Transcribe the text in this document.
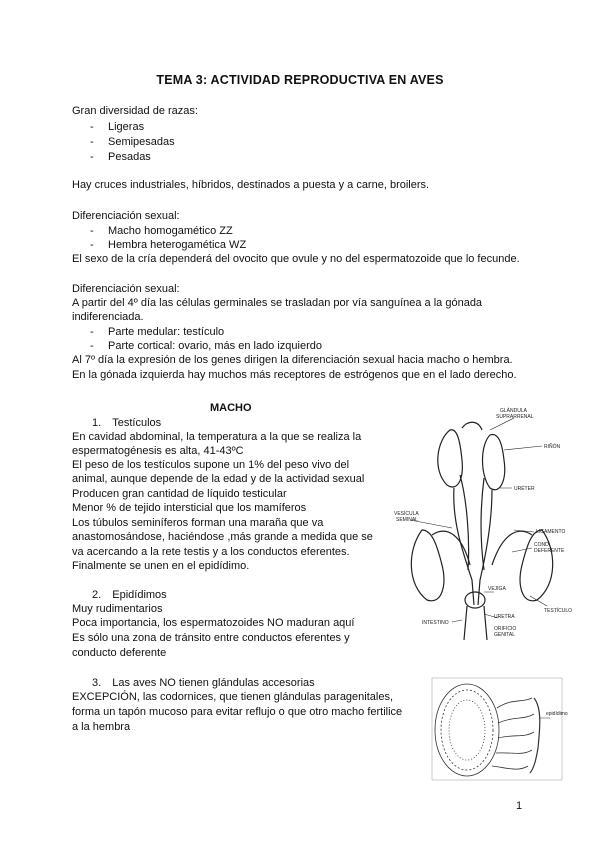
TEMA 3: ACTIVIDAD REPRODUCTIVA EN AVES
Gran diversidad de razas:
- Ligeras
- Semipesadas
- Pesadas
Hay cruces industriales, híbridos, destinados a puesta y a carne, broilers.
Diferenciación sexual:
- Macho homogamético ZZ
- Hembra heterogamética WZ
El sexo de la cría dependerá del ovocito que ovule y no del espermatozoide que lo fecunde.
Diferenciación sexual:
A partir del 4º día las células germinales se trasladan por vía sanguínea a la gónada
indiferenciada.
- Parte medular: testículo
- Parte cortical: ovario, más en lado izquierdo
Al 7º día la expresión de los genes dirigen la diferenciación sexual hacia macho o hembra.
En la gónada izquierda hay muchos más receptores de estrógenos que en el lado derecho.
MACHO
1. Testículos
En cavidad abdominal, la temperatura a la que se realiza la
espermatogénesis es alta, 41-43ºC
El peso de los testículos supone un 1% del peso vivo del
animal, aunque depende de la edad y de la actividad sexual
Producen gran cantidad de líquido testicular
Menor % de tejido intersticial que los mamíferos
Los túbulos seminíferos forman una maraña que va
anastomosándose, haciéndose ,más grande a medida que se
va acercando a la rete testis y a los conductos eferentes.
Finalmente se unen en el epidídimo.
2. Epidídimos
Muy rudimentarios
Poca importancia, los espermatozoides NO maduran aquí
Es sólo una zona de tránsito entre conductos eferentes y
conducto deferente
3. Las aves NO tienen glándulas accesorias
EXCEPCIÓN, las codornices, que tienen glándulas paragenitales,
forma un tapón mucoso para evitar reflujo o que otro macho fertilice
a la hembra
GLÁNDULA
SUPRARRENAL
RIÑÓN
URÉTER
VESÍCULA
SEMINAL
LIGAMENTO
COND.
DEFERENTE
VEJIGA
TESTÍCULO
URETRA
INTESTINO
ORIFICIO
GENITAL
epidídimo
1
